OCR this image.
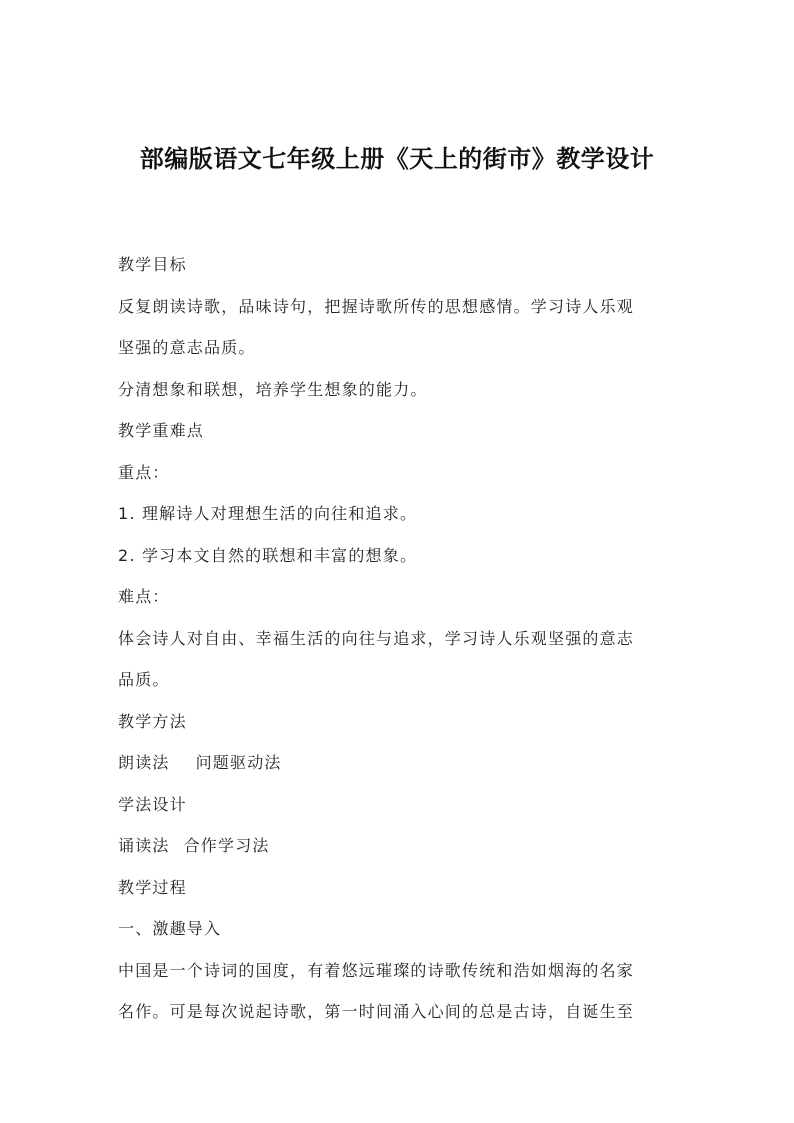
部编版语文七年级上册《天上的街市》教学设计
教学目标
反复朗读诗歌，品味诗句，把握诗歌所传的思想感情。学习诗人乐观
坚强的意志品质。
分清想象和联想，培养学生想象的能力。
教学重难点
重点：
1. 理解诗人对理想生活的向往和追求。
2. 学习本文自然的联想和丰富的想象。
难点：
体会诗人对自由、幸福生活的向往与追求，学习诗人乐观坚强的意志
品质。
教学方法
朗读法 问题驱动法
学法设计
诵读法 合作学习法
教学过程
一、激趣导入
中国是一个诗词的国度，有着悠远璀璨的诗歌传统和浩如烟海的名家
名作。可是每次说起诗歌，第一时间涌入心间的总是古诗，自诞生至
